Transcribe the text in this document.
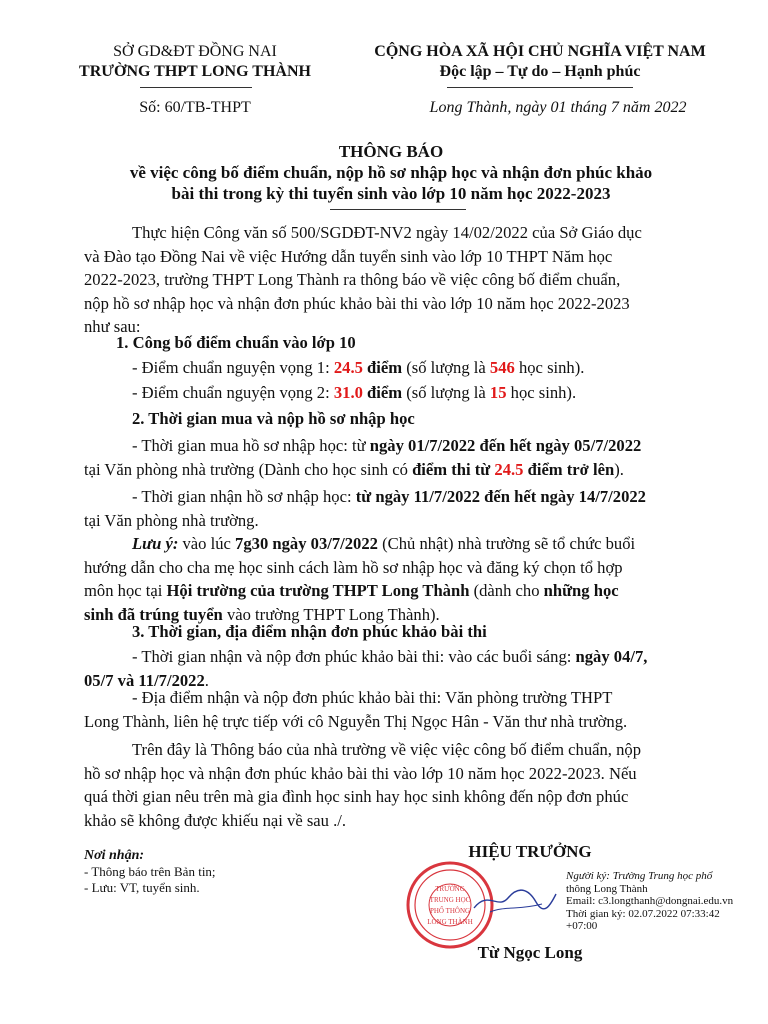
SỞ GD&ĐT ĐỒNG NAI
TRƯỜNG THPT LONG THÀNH
Số: 60/TB-THPT
CỘNG HÒA XÃ HỘI CHỦ NGHĨA VIỆT NAM
Độc lập – Tự do – Hạnh phúc
Long Thành, ngày 01 tháng 7 năm 2022
THÔNG BÁO
về việc công bố điểm chuẩn, nộp hồ sơ nhập học và nhận đơn phúc khảo
bài thi trong kỳ thi tuyển sinh vào lớp 10 năm học 2022-2023
Thực hiện Công văn số 500/SGDĐT-NV2 ngày 14/02/2022 của Sở Giáo dục
và Đào tạo Đồng Nai về việc Hướng dẫn tuyển sinh vào lớp 10 THPT Năm học
2022-2023, trường THPT Long Thành ra thông báo về việc công bố điểm chuẩn,
nộp hồ sơ nhập học và nhận đơn phúc khảo bài thi vào lớp 10 năm học 2022-2023
như sau:
1. Công bố điểm chuẩn vào lớp 10
- Điểm chuẩn nguyện vọng 1: 24.5 điểm (số lượng là 546 học sinh).
- Điểm chuẩn nguyện vọng 2: 31.0 điểm (số lượng là 15 học sinh).
2. Thời gian mua và nộp hồ sơ nhập học
- Thời gian mua hồ sơ nhập học: từ ngày 01/7/2022 đến hết ngày 05/7/2022
tại Văn phòng nhà trường (Dành cho học sinh có điểm thi từ 24.5 điểm trở lên).
- Thời gian nhận hồ sơ nhập học: từ ngày 11/7/2022 đến hết ngày 14/7/2022
tại Văn phòng nhà trường.
Lưu ý: vào lúc 7g30 ngày 03/7/2022 (Chủ nhật) nhà trường sẽ tổ chức buổi
hướng dẫn cho cha mẹ học sinh cách làm hồ sơ nhập học và đăng ký chọn tổ hợp
môn học tại Hội trường của trường THPT Long Thành (dành cho những học
sinh đã trúng tuyển vào trường THPT Long Thành).
3. Thời gian, địa điểm nhận đơn phúc khảo bài thi
- Thời gian nhận và nộp đơn phúc khảo bài thi: vào các buổi sáng: ngày 04/7,
05/7 và 11/7/2022.
- Địa điểm nhận và nộp đơn phúc khảo bài thi: Văn phòng trường THPT
Long Thành, liên hệ trực tiếp với cô Nguyễn Thị Ngọc Hân - Văn thư nhà trường.
Trên đây là Thông báo của nhà trường về việc việc công bố điểm chuẩn, nộp
hồ sơ nhập học và nhận đơn phúc khảo bài thi vào lớp 10 năm học 2022-2023. Nếu
quá thời gian nêu trên mà gia đình học sinh hay học sinh không đến nộp đơn phúc
khảo sẽ không được khiếu nại về sau ./.
Nơi nhận:
- Thông báo trên Bản tin;
- Lưu: VT, tuyển sinh.
HIỆU TRƯỞNG
TRƯỜNG
TRUNG HỌC
PHỔ THÔNG
LONG THÀNH
Người ký: Trường Trung học phổ
thông Long Thành
Email: c3.longthanh@dongnai.edu.vn
Thời gian ký: 02.07.2022 07:33:42
+07:00
Từ Ngọc Long
